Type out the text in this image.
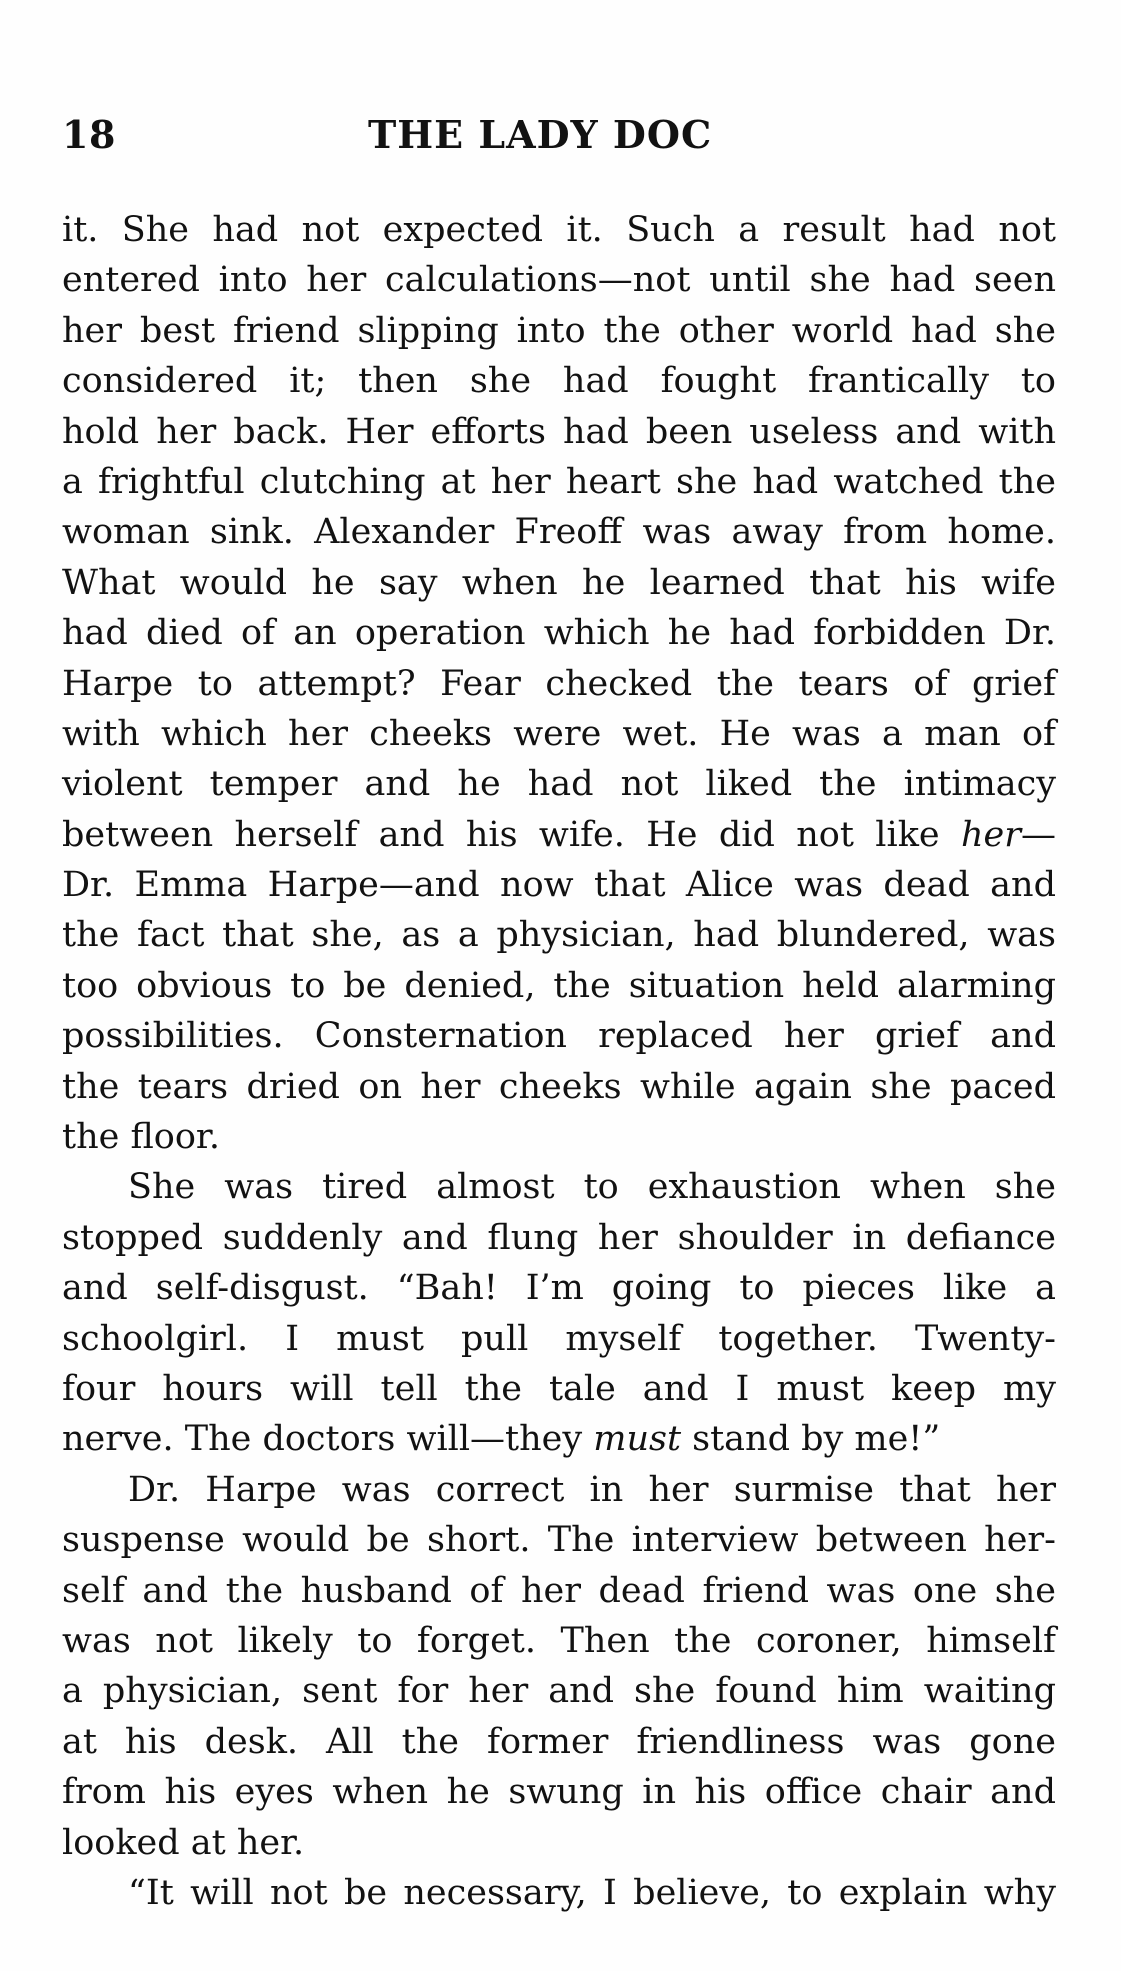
18	THE LADY DOC
it. She had not expected it. Such a result had not
entered into her calculations—not until she had seen
her best friend slipping into the other world had she
considered it; then she had fought frantically to
hold her back. Her efforts had been useless and with
a frightful clutching at her heart she had watched the
woman sink. Alexander Freoff was away from home.
What would he say when he learned that his wife
had died of an operation which he had forbidden Dr.
Harpe to attempt? Fear checked the tears of grief
with which her cheeks were wet. He was a man of
violent temper and he had not liked the intimacy
between herself and his wife. He did not like her—
Dr. Emma Harpe—and now that Alice was dead and
the fact that she, as a physician, had blundered, was
too obvious to be denied, the situation held alarming
possibilities. Consternation replaced her grief and
the tears dried on her cheeks while again she paced
the floor.
She was tired almost to exhaustion when she
stopped suddenly and flung her shoulder in defiance
and self-disgust. “Bah! I’m going to pieces like a
schoolgirl. I must pull myself together. Twenty-
four hours will tell the tale and I must keep my
nerve. The doctors will—they must stand by me!”
Dr. Harpe was correct in her surmise that her
suspense would be short. The interview between her-
self and the husband of her dead friend was one she
was not likely to forget. Then the coroner, himself
a physician, sent for her and she found him waiting
at his desk. All the former friendliness was gone
from his eyes when he swung in his office chair and
looked at her.
“It will not be necessary, I believe, to explain why
